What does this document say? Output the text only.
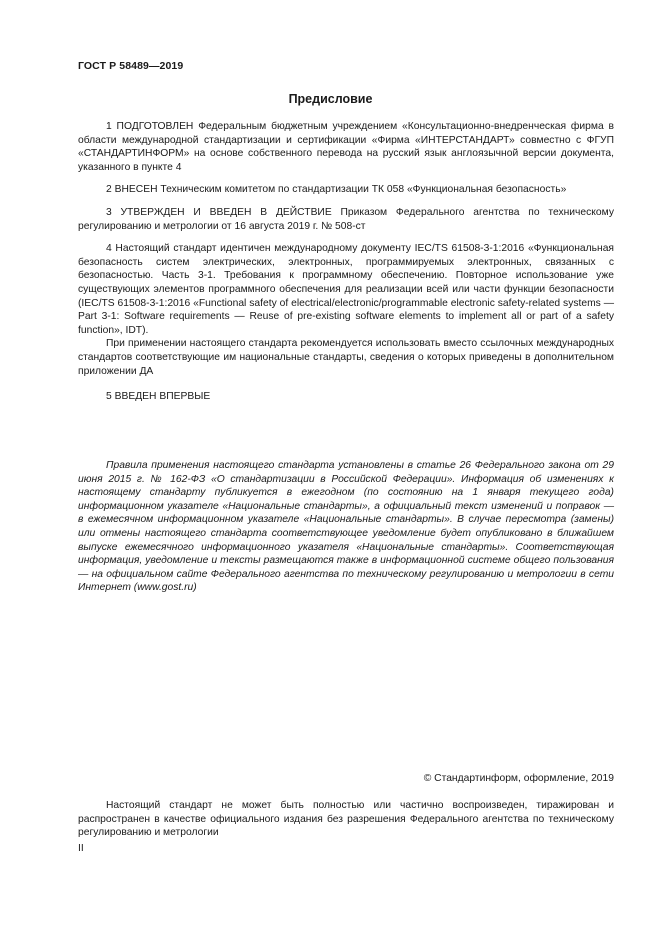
ГОСТ Р 58489—2019
Предисловие

1 ПОДГОТОВЛЕН Федеральным бюджетным учреждением «Консультационно-внедренческая фирма в области международной стандартизации и сертификации «Фирма «ИНТЕРСТАНДАРТ» совместно с ФГУП «СТАНДАРТИНФОРМ» на основе собственного перевода на русский язык англоязычной версии документа, указанного в пункте 4

2 ВНЕСЕН Техническим комитетом по стандартизации ТК 058 «Функциональная безопасность»

3 УТВЕРЖДЕН И ВВЕДЕН В ДЕЙСТВИЕ Приказом Федерального агентства по техническому регулированию и метрологии от 16 августа 2019 г. № 508-ст

4 Настоящий стандарт идентичен международному документу IEC/TS 61508-3-1:2016 «Функциональная безопасность систем электрических, электронных, программируемых электронных, связанных с безопасностью. Часть 3-1. Требования к программному обеспечению. Повторное использование уже существующих элементов программного обеспечения для реализации всей или части функции безопасности (IEC/TS 61508-3-1:2016 «Functional safety of electrical/electronic/programmable electronic safety-related systems — Part 3-1: Software requirements — Reuse of pre-existing software elements to implement all or part of a safety function», IDT).

При применении настоящего стандарта рекомендуется использовать вместо ссылочных международных стандартов соответствующие им национальные стандарты, сведения о которых приведены в дополнительном приложении ДА

5 ВВЕДЕН ВПЕРВЫЕ

Правила применения настоящего стандарта установлены в статье 26 Федерального закона от 29 июня 2015 г. № 162-ФЗ «О стандартизации в Российской Федерации». Информация об изменениях к настоящему стандарту публикуется в ежегодном (по состоянию на 1 января текущего года) информационном указателе «Национальные стандарты», а официальный текст изменений и поправок — в ежемесячном информационном указателе «Национальные стандарты». В случае пересмотра (замены) или отмены настоящего стандарта соответствующее уведомление будет опубликовано в ближайшем выпуске ежемесячного информационного указателя «Национальные стандарты». Соответствующая информация, уведомление и тексты размещаются также в информационной системе общего пользования — на официальном сайте Федерального агентства по техническому регулированию и метрологии в сети Интернет (www.gost.ru)

© Стандартинформ, оформление, 2019

Настоящий стандарт не может быть полностью или частично воспроизведен, тиражирован и распространен в качестве официального издания без разрешения Федерального агентства по техническому регулированию и метрологии

II
